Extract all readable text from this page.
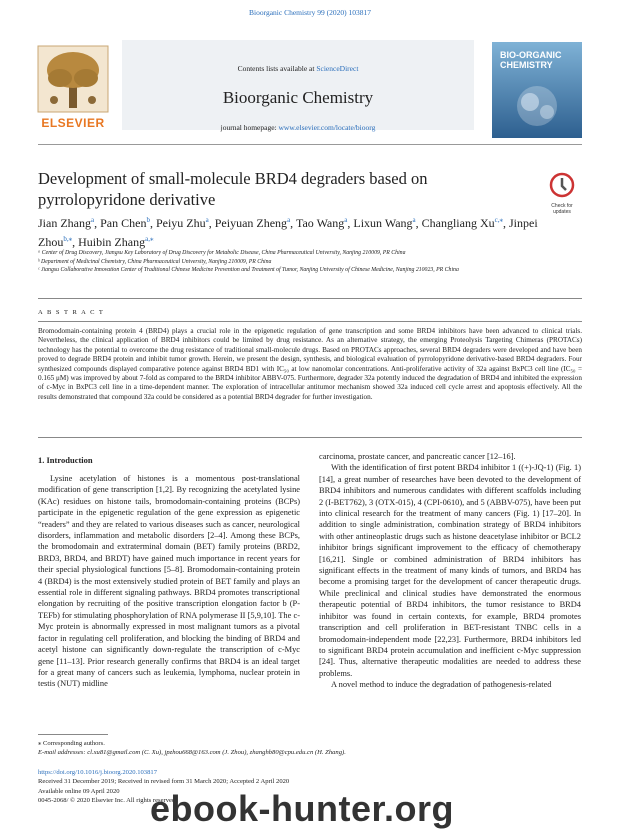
Bioorganic Chemistry 99 (2020) 103817
ELSEVIER
Contents lists available at ScienceDirect
Bioorganic Chemistry
journal homepage: www.elsevier.com/locate/bioorg
BIO-ORGANIC CHEMISTRY
Development of small-molecule BRD4 degraders based on pyrrolopyridone derivative	Check for updates
Jian Zhang$^a$, Pan Chen$^b$, Peiyu Zhu$^a$, Peiyuan Zheng$^a$, Tao Wang$^a$, Lixun Wang$^a$, Changliang $Xu^{c,⁎}$, Jinpei Zhou$^{b,⁎}$, Huibin Zhang$^{a,⁎}$
ᵃ Center of Drug Discovery, Jiangsu Key Laboratory of Drug Discovery for Metabolic Disease, China Pharmaceutical University, Nanjing 210009, PR China
ᵇ Department of Medicinal Chemistry, China Pharmaceutical University, Nanjing 210009, PR China
ᶜ Jiangsu Collaborative Innovation Center of Traditional Chinese Medicine Prevention and Treatment of Tumor, Nanjing University of Chinese Medicine, Nanjing 210023, PR China
A B S T R A C T
Bromodomain-containing protein 4 (BRD4) plays a crucial role in the epigenetic regulation of gene transcription and some BRD4 inhibitors have been advanced to clinical trials. Nevertheless, the clinical application of BRD4 inhibitors could be limited by drug resistance. As an alternative strategy, the emerging Proteolysis Targeting Chimeras (PROTACs) technology has the potential to overcome the drug resistance of traditional small-molecule drugs. Based on PROTACs approaches, several BRD4 degraders were developed and have been proved to degrade BRD4 protein and inhibit tumor growth. Herein, we present the design, synthesis, and biological evaluation of pyrrolopyridone derivative-based BRD4 degraders. Four synthesized compounds displayed comparative potence against BRD4 BD1 with IC₅₀ at low nanomolar concentrations. Anti-proliferative activity of 32a against BxPC3 cell line (IC₅₀ = 0.165 μM) was improved by about 7-fold as compared to the BRD4 inhibitor ABBV-075. Furthermore, degrader 32a potently induced the degradation of BRD4 and inhibited the expression of c-Myc in BxPC3 cell line in a time-dependent manner. The exploration of intracellular antitumor mechanism showed 32a induced cell cycle arrest and apoptosis effectively. All the results demonstrated that compound 32a could be considered as a potential BRD4 degrader for further investigation.
1. Introduction

Lysine acetylation of histones is a momentous post-translational modification of gene transcription [1,2]. By recognizing the acetylated lysine (KAc) residues on histone tails, bromodomain-containing proteins (BCPs) participate in the epigenetic regulation of the gene expression as epigenetic “readers” and they are related to various diseases such as cancer, neurological disorders, inflammation and metabolic disorders [2–4]. Among these BCPs, the bromodomain and extraterminal domain (BET) family proteins (BRD2, BRD3, BRD4, and BRDT) have gained much importance in recent years for their special physiological functions [5–8]. Bromodomain-containing protein 4 (BRD4) is the most extensively studied protein of BET family and plays an essential role in different signaling pathways. BRD4 promotes transcriptional elongation by recruiting of the positive transcription elongation factor b (P-TEFb) for stimulating phosphorylation of RNA polymerase II [5,9,10]. The c-Myc protein is abnormally expressed in most malignant tumors as a pivotal factor in regulating cell proliferation, and blocking the binding of BRD4 and acetyl histone can significantly down-regulate the transcription of c-Myc gene [11–13]. Prior research generally confirms that BRD4 is an ideal target for a great many of cancers such as leukemia, lymphoma, nuclear protein in testis (NUT) midline

carcinoma, prostate cancer, and pancreatic cancer [12–16].

With the identification of first potent BRD4 inhibitor 1 ((+)-JQ-1) (Fig. 1) [14], a great number of researches have been devoted to the development of BRD4 inhibitors and numerous candidates with different scaffolds including 2 (I-BET762), 3 (OTX-015), 4 (CPI-0610), and 5 (ABBV-075), have been put into clinical research for the treatment of many cancers (Fig. 1) [17–20]. In addition to single administration, combination strategy of BRD4 inhibitors with other antineoplastic drugs such as histone deacetylase inhibitor or BCL2 inhibitor brings significant improvement to the efficacy of chemotherapy [16,21]. Single or combined administration of BRD4 inhibitors has significant effects in the treatment of many kinds of tumors, and BRD4 has become a promising target for the development of cancer therapeutic drugs. While preclinical and clinical studies have demonstrated the enormous therapeutic potential of BRD4 inhibitors, the tumor resistance to BRD4 inhibitor was found in certain contexts, for example, BRD4 promotes transcription and cell proliferation in BET-resistant TNBC cells in a bromodomain-independent mode [22,23]. Furthermore, BRD4 inhibitors led to significant BRD4 protein accumulation and inefficient c-Myc suppression [24]. Thus, alternative therapeutic modalities are needed to address these problems.

A novel method to induce the degradation of pathogenesis-related

⁎ Corresponding authors.
E-mail addresses: cl.xu81@gmail.com (C. Xu), jpzhou668@163.com (J. Zhou), zhanghb80@cpu.edu.cn (H. Zhang).
https://doi.org/10.1016/j.bioorg.2020.103817
Received 31 December 2019; Received in revised form 31 March 2020; Accepted 2 April 2020
Available online 09 April 2020
0045-2068/ © 2020 Elsevier Inc. All rights reserved.
ebook-hunter.org
